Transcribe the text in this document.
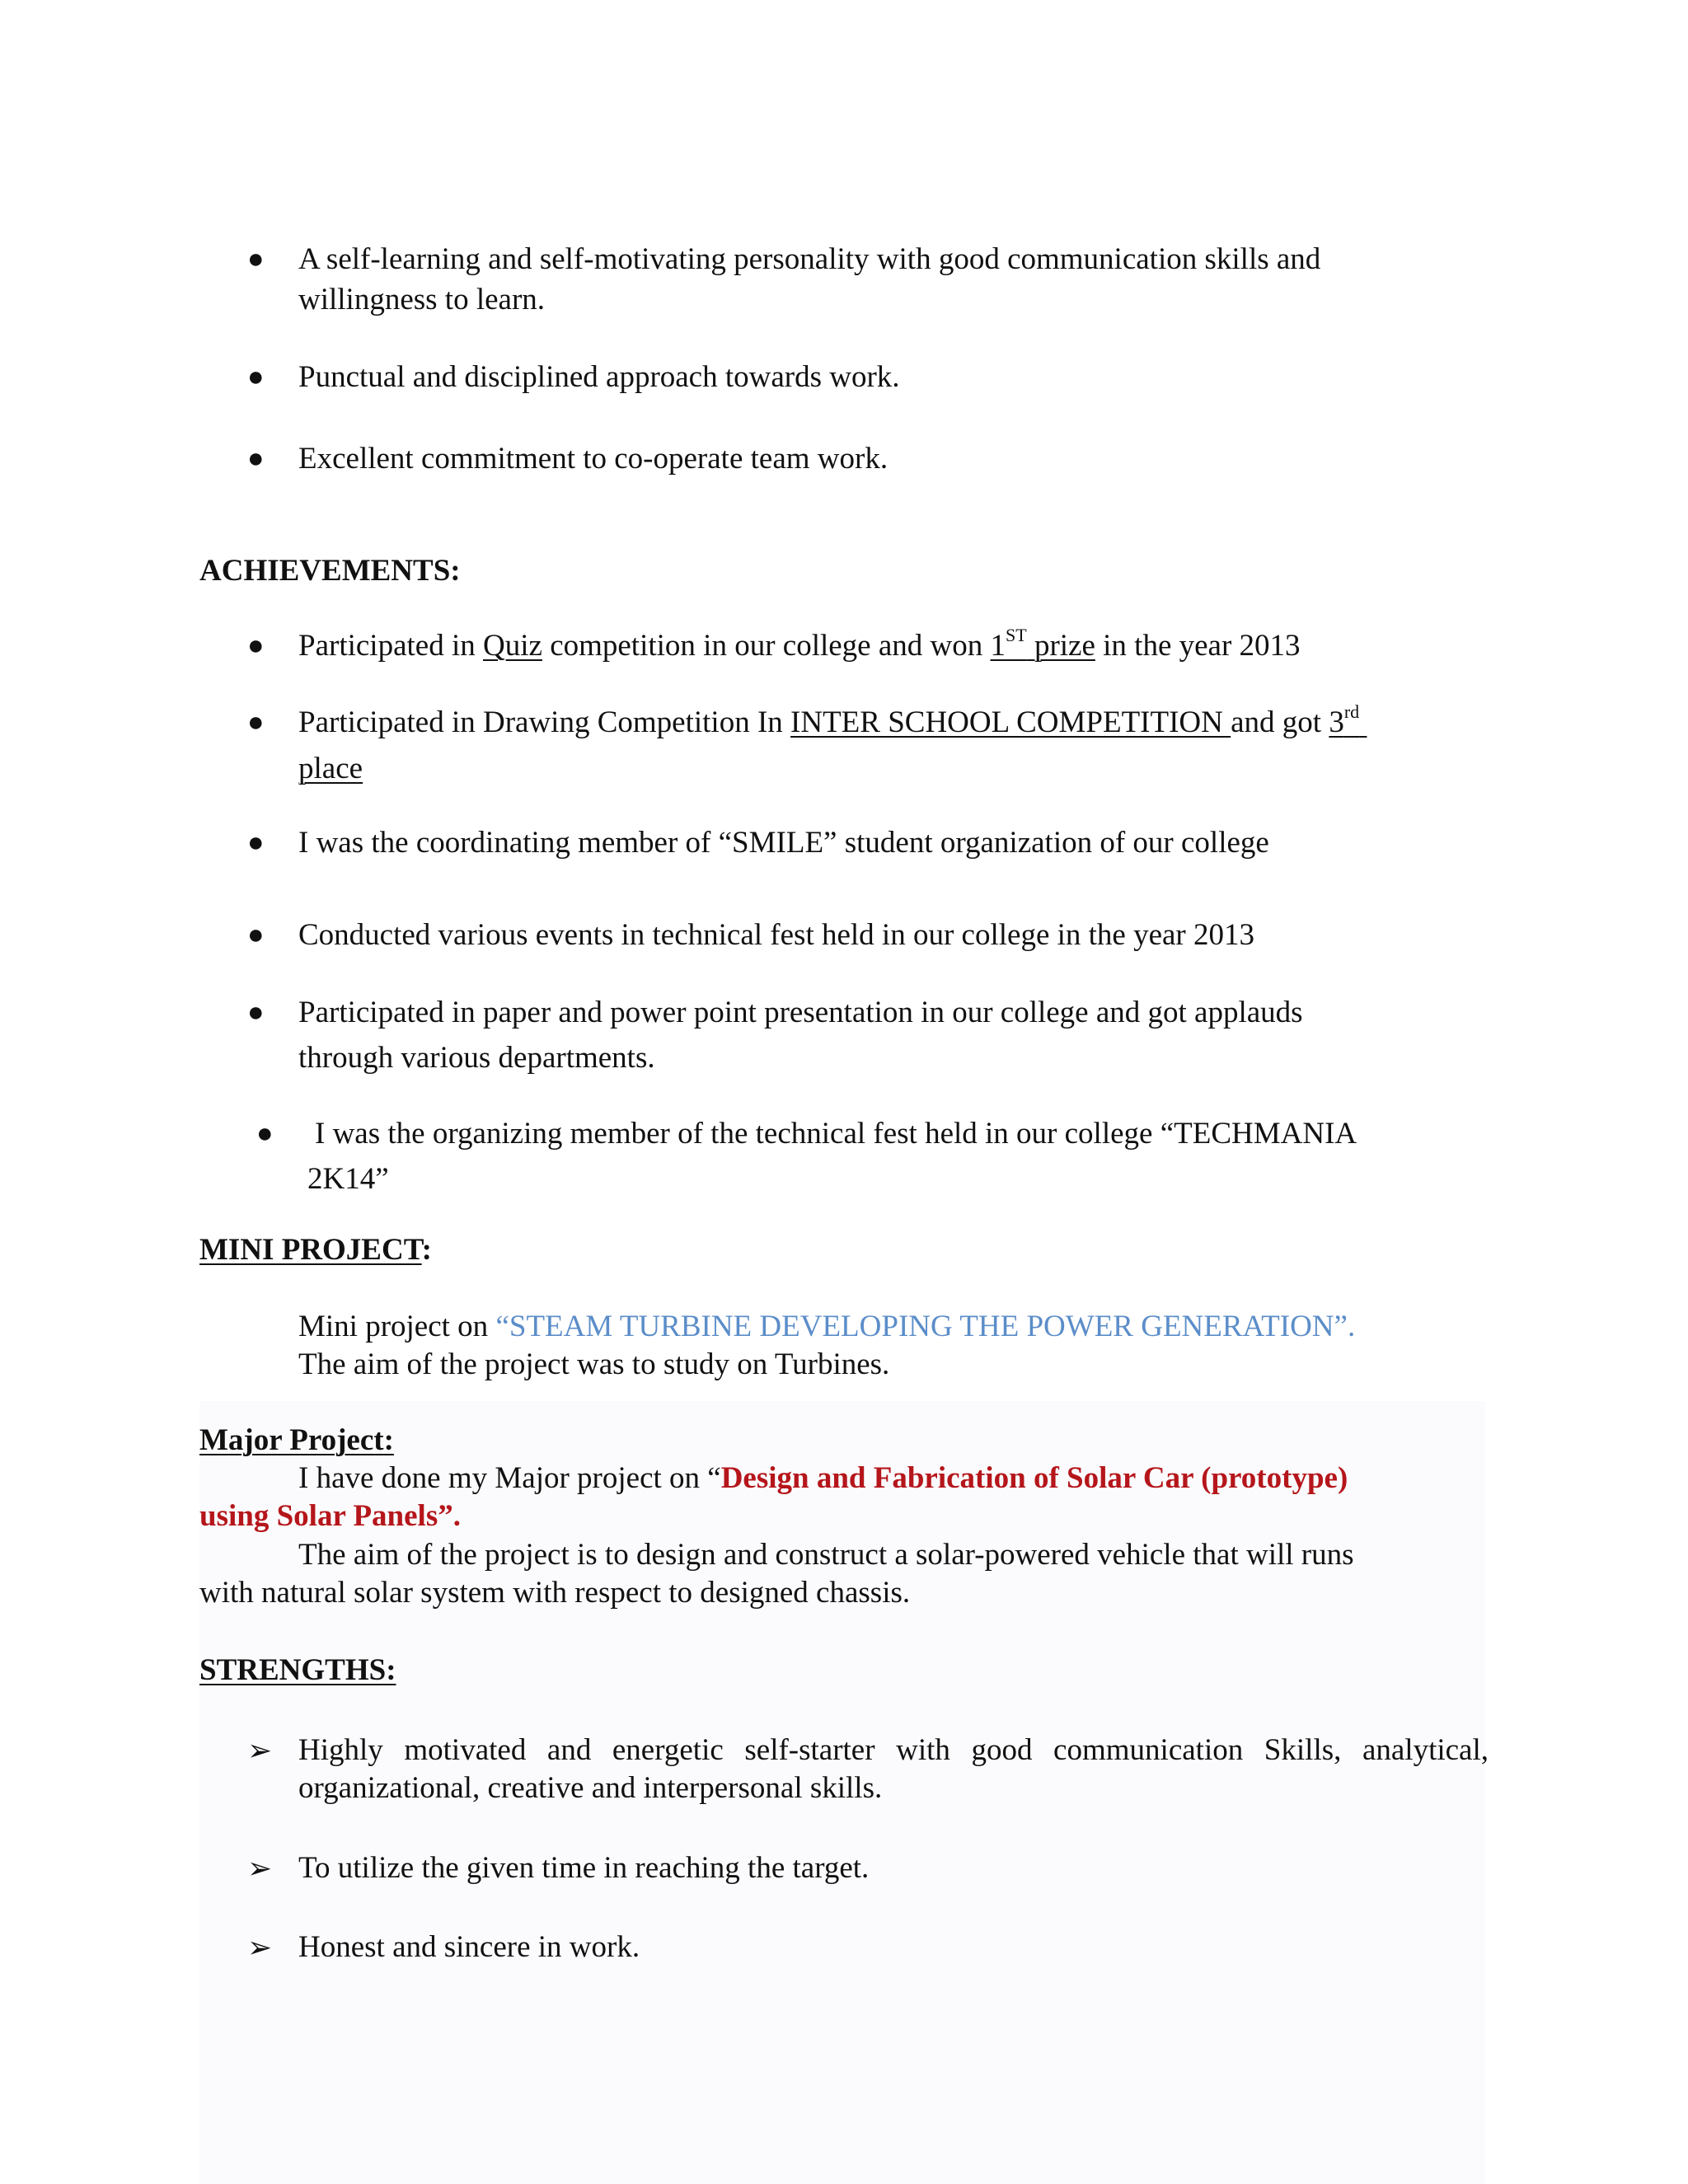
● A self-learning and self-motivating personality with good communication skills and
willingness to learn.
● Punctual and disciplined approach towards work.
● Excellent commitment to co-operate team work.
ACHIEVEMENTS:
● Participated in Quiz competition in our college and won 1ST prize in the year 2013
● Participated in Drawing Competition In INTER SCHOOL COMPETITION and got 3rd
place
● I was the coordinating member of “SMILE” student organization of our college
● Conducted various events in technical fest held in our college in the year 2013
● Participated in paper and power point presentation in our college and got applauds
through various departments.
● I was the organizing member of the technical fest held in our college “TECHMANIA
2K14”
MINI PROJECT:
Mini project on “STEAM TURBINE DEVELOPING THE POWER GENERATION”.
The aim of the project was to study on Turbines.
Major Project:
I have done my Major project on “Design and Fabrication of Solar Car (prototype)
using Solar Panels”.
The aim of the project is to design and construct a solar-powered vehicle that will runs
with natural solar system with respect to designed chassis.
STRENGTHS:
➢ Highly motivated and energetic self-starter with good communication Skills, analytical,
organizational, creative and interpersonal skills.
➢ To utilize the given time in reaching the target.
➢ Honest and sincere in work.
